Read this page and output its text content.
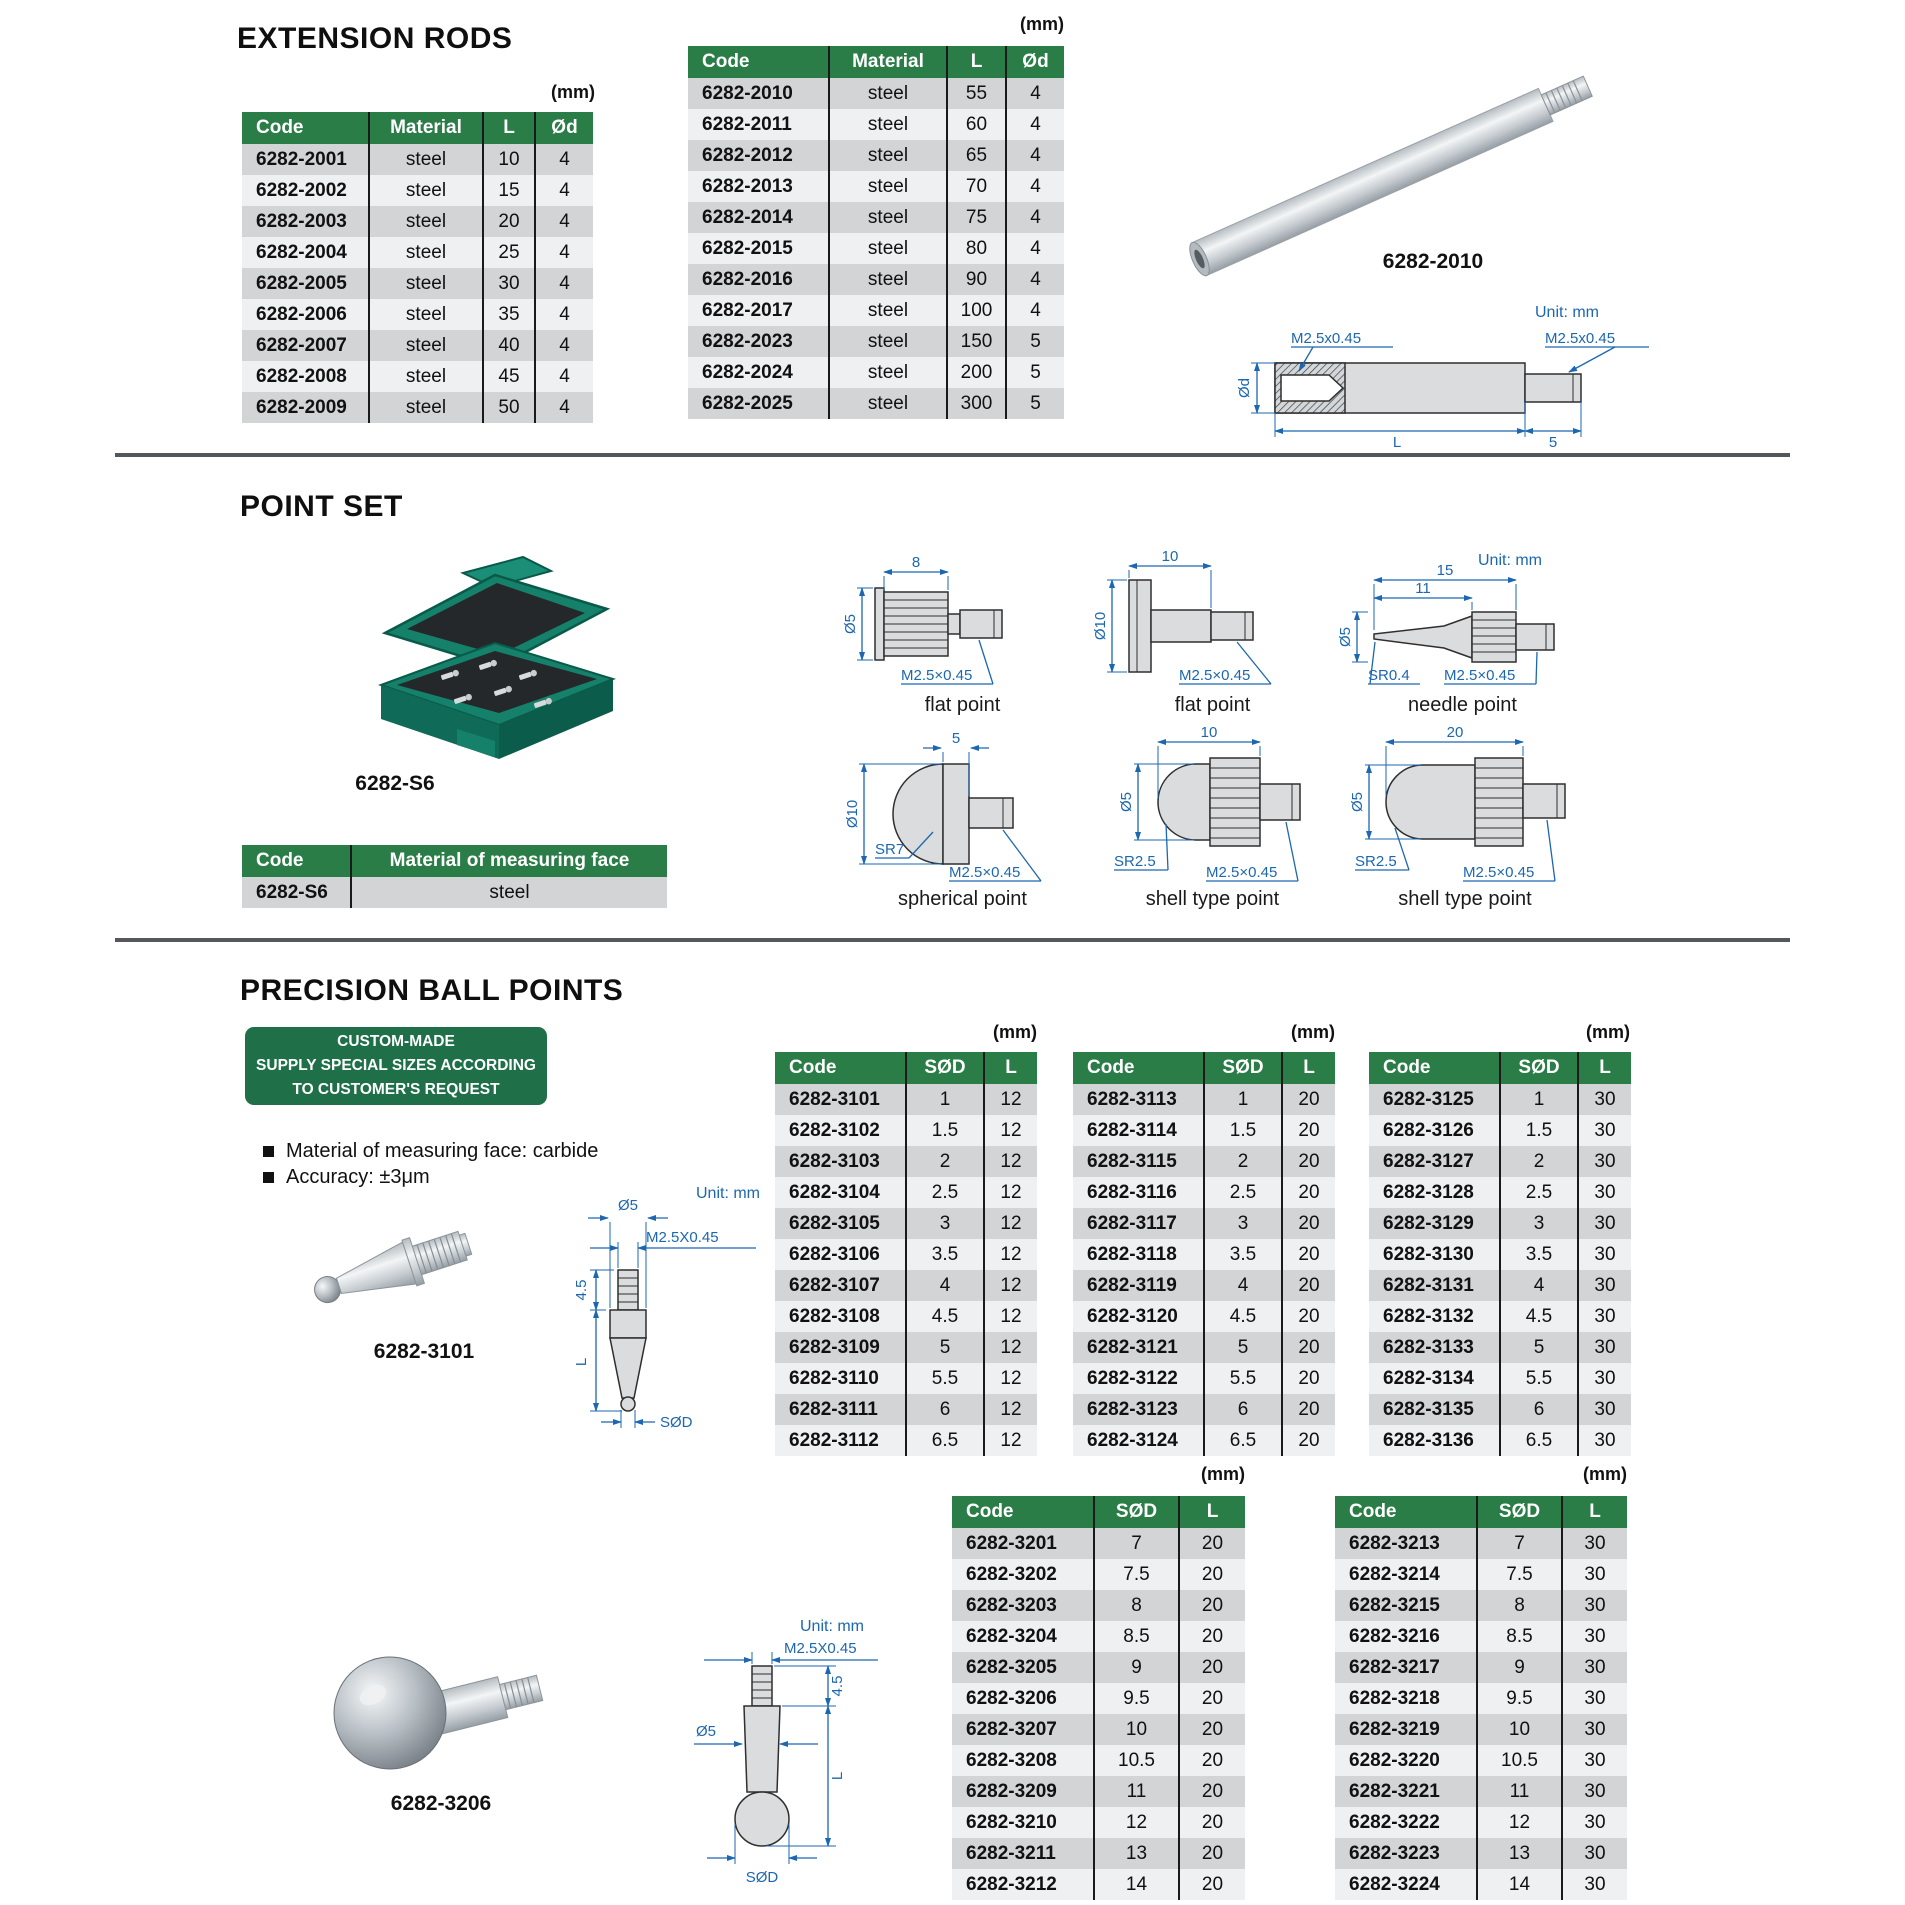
EXTENSION RODS
(mm)
Code	Material	L	Ød
6282-2001	steel	10	4
6282-2002	steel	15	4
6282-2003	steel	20	4
6282-2004	steel	25	4
6282-2005	steel	30	4
6282-2006	steel	35	4
6282-2007	steel	40	4
6282-2008	steel	45	4
6282-2009	steel	50	4
(mm)
Code	Material	L	Ød
6282-2010	steel	55	4
6282-2011	steel	60	4
6282-2012	steel	65	4
6282-2013	steel	70	4
6282-2014	steel	75	4
6282-2015	steel	80	4
6282-2016	steel	90	4
6282-2017	steel	100	4
6282-2023	steel	150	5
6282-2024	steel	200	5
6282-2025	steel	300	5
6282-2010
Unit: mm
Ød
M2.5x0.45	M2.5x0.45
L	5
POINT SET
6282-S6
Code	Material of measuring face
6282-S6	steel
Unit: mm
8
Ø5
M2.5×0.45
flat point
10
Ø10
M2.5×0.45
flat point
15
11
Ø5
SR0.4 M2.5×0.45
needle point
5
Ø10
SR7
M2.5×0.45
spherical point
10
Ø5
SR2.5
M2.5×0.45
shell type point
20
Ø5
SR2.5
M2.5×0.45
shell type point
PRECISION BALL POINTS
CUSTOM-MADE
SUPPLY SPECIAL SIZES ACCORDING
TO CUSTOMER'S REQUEST
Material of measuring face: carbide
Accuracy: ±3μm
6282-3101
Unit: mm
Ø5
M2.5X0.45
4.5
L
SØD
(mm)
Code	SØD	L
6282-3101	1	12
6282-3102	1.5	12
6282-3103	2	12
6282-3104	2.5	12
6282-3105	3	12
6282-3106	3.5	12
6282-3107	4	12
6282-3108	4.5	12
6282-3109	5	12
6282-3110	5.5	12
6282-3111	6	12
6282-3112	6.5	12
(mm)
Code	SØD	L
6282-3113	1	20
6282-3114	1.5	20
6282-3115	2	20
6282-3116	2.5	20
6282-3117	3	20
6282-3118	3.5	20
6282-3119	4	20
6282-3120	4.5	20
6282-3121	5	20
6282-3122	5.5	20
6282-3123	6	20
6282-3124	6.5	20
(mm)
Code	SØD	L
6282-3125	1	30
6282-3126	1.5	30
6282-3127	2	30
6282-3128	2.5	30
6282-3129	3	30
6282-3130	3.5	30
6282-3131	4	30
6282-3132	4.5	30
6282-3133	5	30
6282-3134	5.5	30
6282-3135	6	30
6282-3136	6.5	30
6282-3206
Unit: mm
M2.5X0.45
Ø5
4.5
L
SØD
(mm)
Code	SØD	L
6282-3201	7	20
6282-3202	7.5	20
6282-3203	8	20
6282-3204	8.5	20
6282-3205	9	20
6282-3206	9.5	20
6282-3207	10	20
6282-3208	10.5	20
6282-3209	11	20
6282-3210	12	20
6282-3211	13	20
6282-3212	14	20
(mm)
Code	SØD	L
6282-3213	7	30
6282-3214	7.5	30
6282-3215	8	30
6282-3216	8.5	30
6282-3217	9	30
6282-3218	9.5	30
6282-3219	10	30
6282-3220	10.5	30
6282-3221	11	30
6282-3222	12	30
6282-3223	13	30
6282-3224	14	30
